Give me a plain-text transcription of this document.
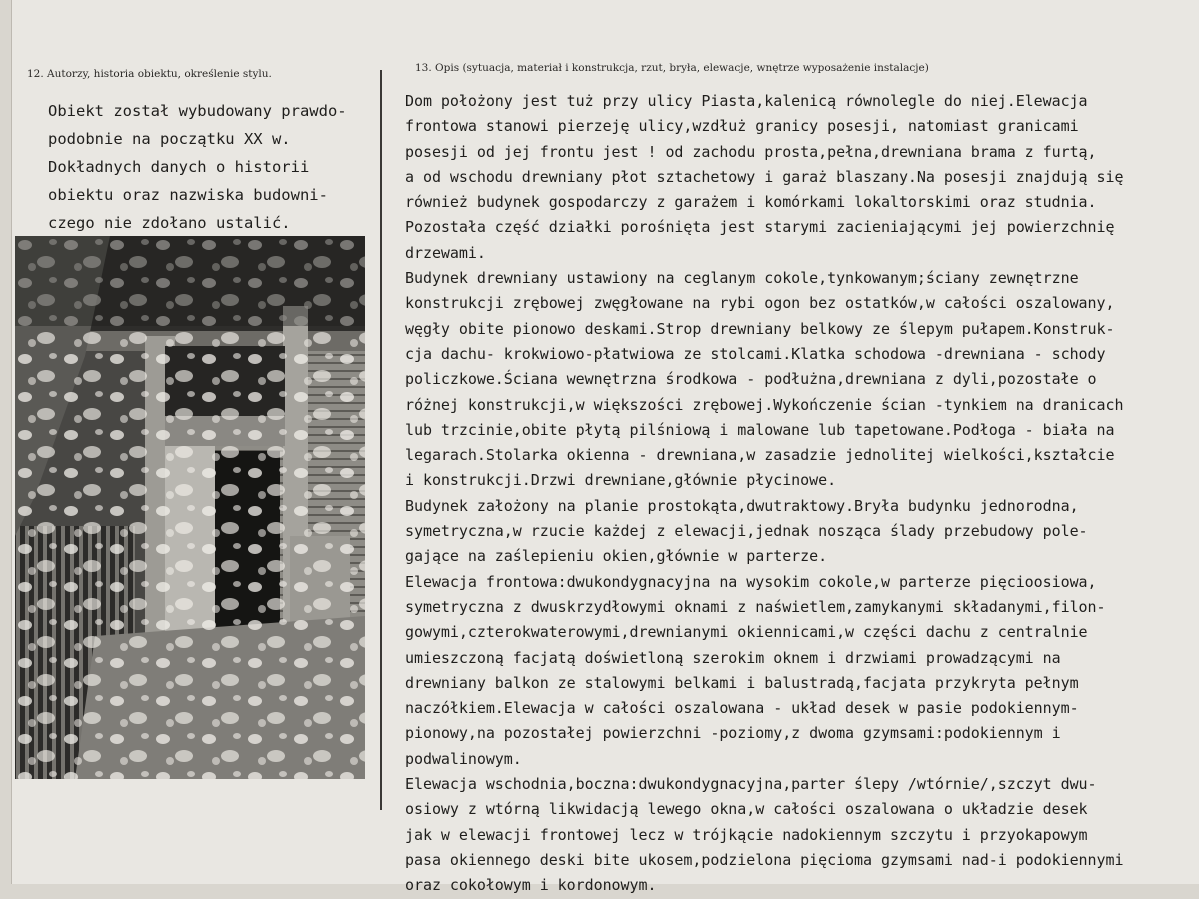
12. Autorzy, historia obiektu, określenie stylu.	13. Opis (sytuacja, materiał i konstrukcja, rzut, bryła, elewacje, wnętrze wyposażenie instalacje)
Obiekt został wybudowany prawdo-
podobnie na początku XX w.
Dokładnych danych o historii
obiektu oraz nazwiska budowni-
czego nie zdołano ustalić.
Dom położony jest tuż przy ulicy Piasta,kalenicą równolegle do niej.Elewacja
frontowa stanowi pierzeję ulicy,wzdłuż granicy posesji, natomiast granicami
posesji od jej frontu jest ! od zachodu prosta,pełna,drewniana brama z furtą,
a od wschodu drewniany płot sztachetowy i garaż blaszany.Na posesji znajdują się
również budynek gospodarczy z garażem i komórkami lokaltorskimi oraz studnia.
Pozostała część działki porośnięta jest starymi zacieniającymi jej powierzchnię
drzewami.
Budynek drewniany ustawiony na ceglanym cokole,tynkowanym;ściany zewnętrzne
konstrukcji zrębowej zwęgłowane na rybi ogon bez ostatków,w całości oszalowany,
węgły obite pionowo deskami.Strop drewniany belkowy ze ślepym pułapem.Konstruk-
cja dachu- krokwiowo-płatwiowa ze stolcami.Klatka schodowa -drewniana - schody
policzkowe.Ściana wewnętrzna środkowa - podłużna,drewniana z dyli,pozostałe o
różnej konstrukcji,w większości zrębowej.Wykończenie ścian -tynkiem na dranicach
lub trzcinie,obite płytą pilśniową i malowane lub tapetowane.Podłoga - biała na
legarach.Stolarka okienna - drewniana,w zasadzie jednolitej wielkości,kształcie
i konstrukcji.Drzwi drewniane,głównie płycinowe.
Budynek założony na planie prostokąta,dwutraktowy.Bryła budynku jednorodna,
symetryczna,w rzucie każdej z elewacji,jednak nosząca ślady przebudowy pole-
gające na zaślepieniu okien,głównie w parterze.
Elewacja frontowa:dwukondygnacyjna na wysokim cokole,w parterze pięcioosiowa,
symetryczna z dwuskrzydłowymi oknami z naświetlem,zamykanymi składanymi,filon-
gowymi,czterokwaterowymi,drewnianymi okiennicami,w części dachu z centralnie
umieszczoną facjatą doświetloną szerokim oknem i drzwiami prowadzącymi na
drewniany balkon ze stalowymi belkami i balustradą,facjata przykryta pełnym
naczółkiem.Elewacja w całości oszalowana - układ desek w pasie podokiennym-
pionowy,na pozostałej powierzchni -poziomy,z dwoma gzymsami:podokiennym i
podwalinowym.
Elewacja wschodnia,boczna:dwukondygnacyjna,parter ślepy /wtórnie/,szczyt dwu-
osiowy z wtórną likwidacją lewego okna,w całości oszalowana o układzie desek
jak w elewacji frontowej lecz w trójkącie nadokiennym szczytu i przyokapowym
pasa okiennego deski bite ukosem,podzielona pięcioma gzymsami nad-i podokiennymi
oraz cokołowym i kordonowym.
